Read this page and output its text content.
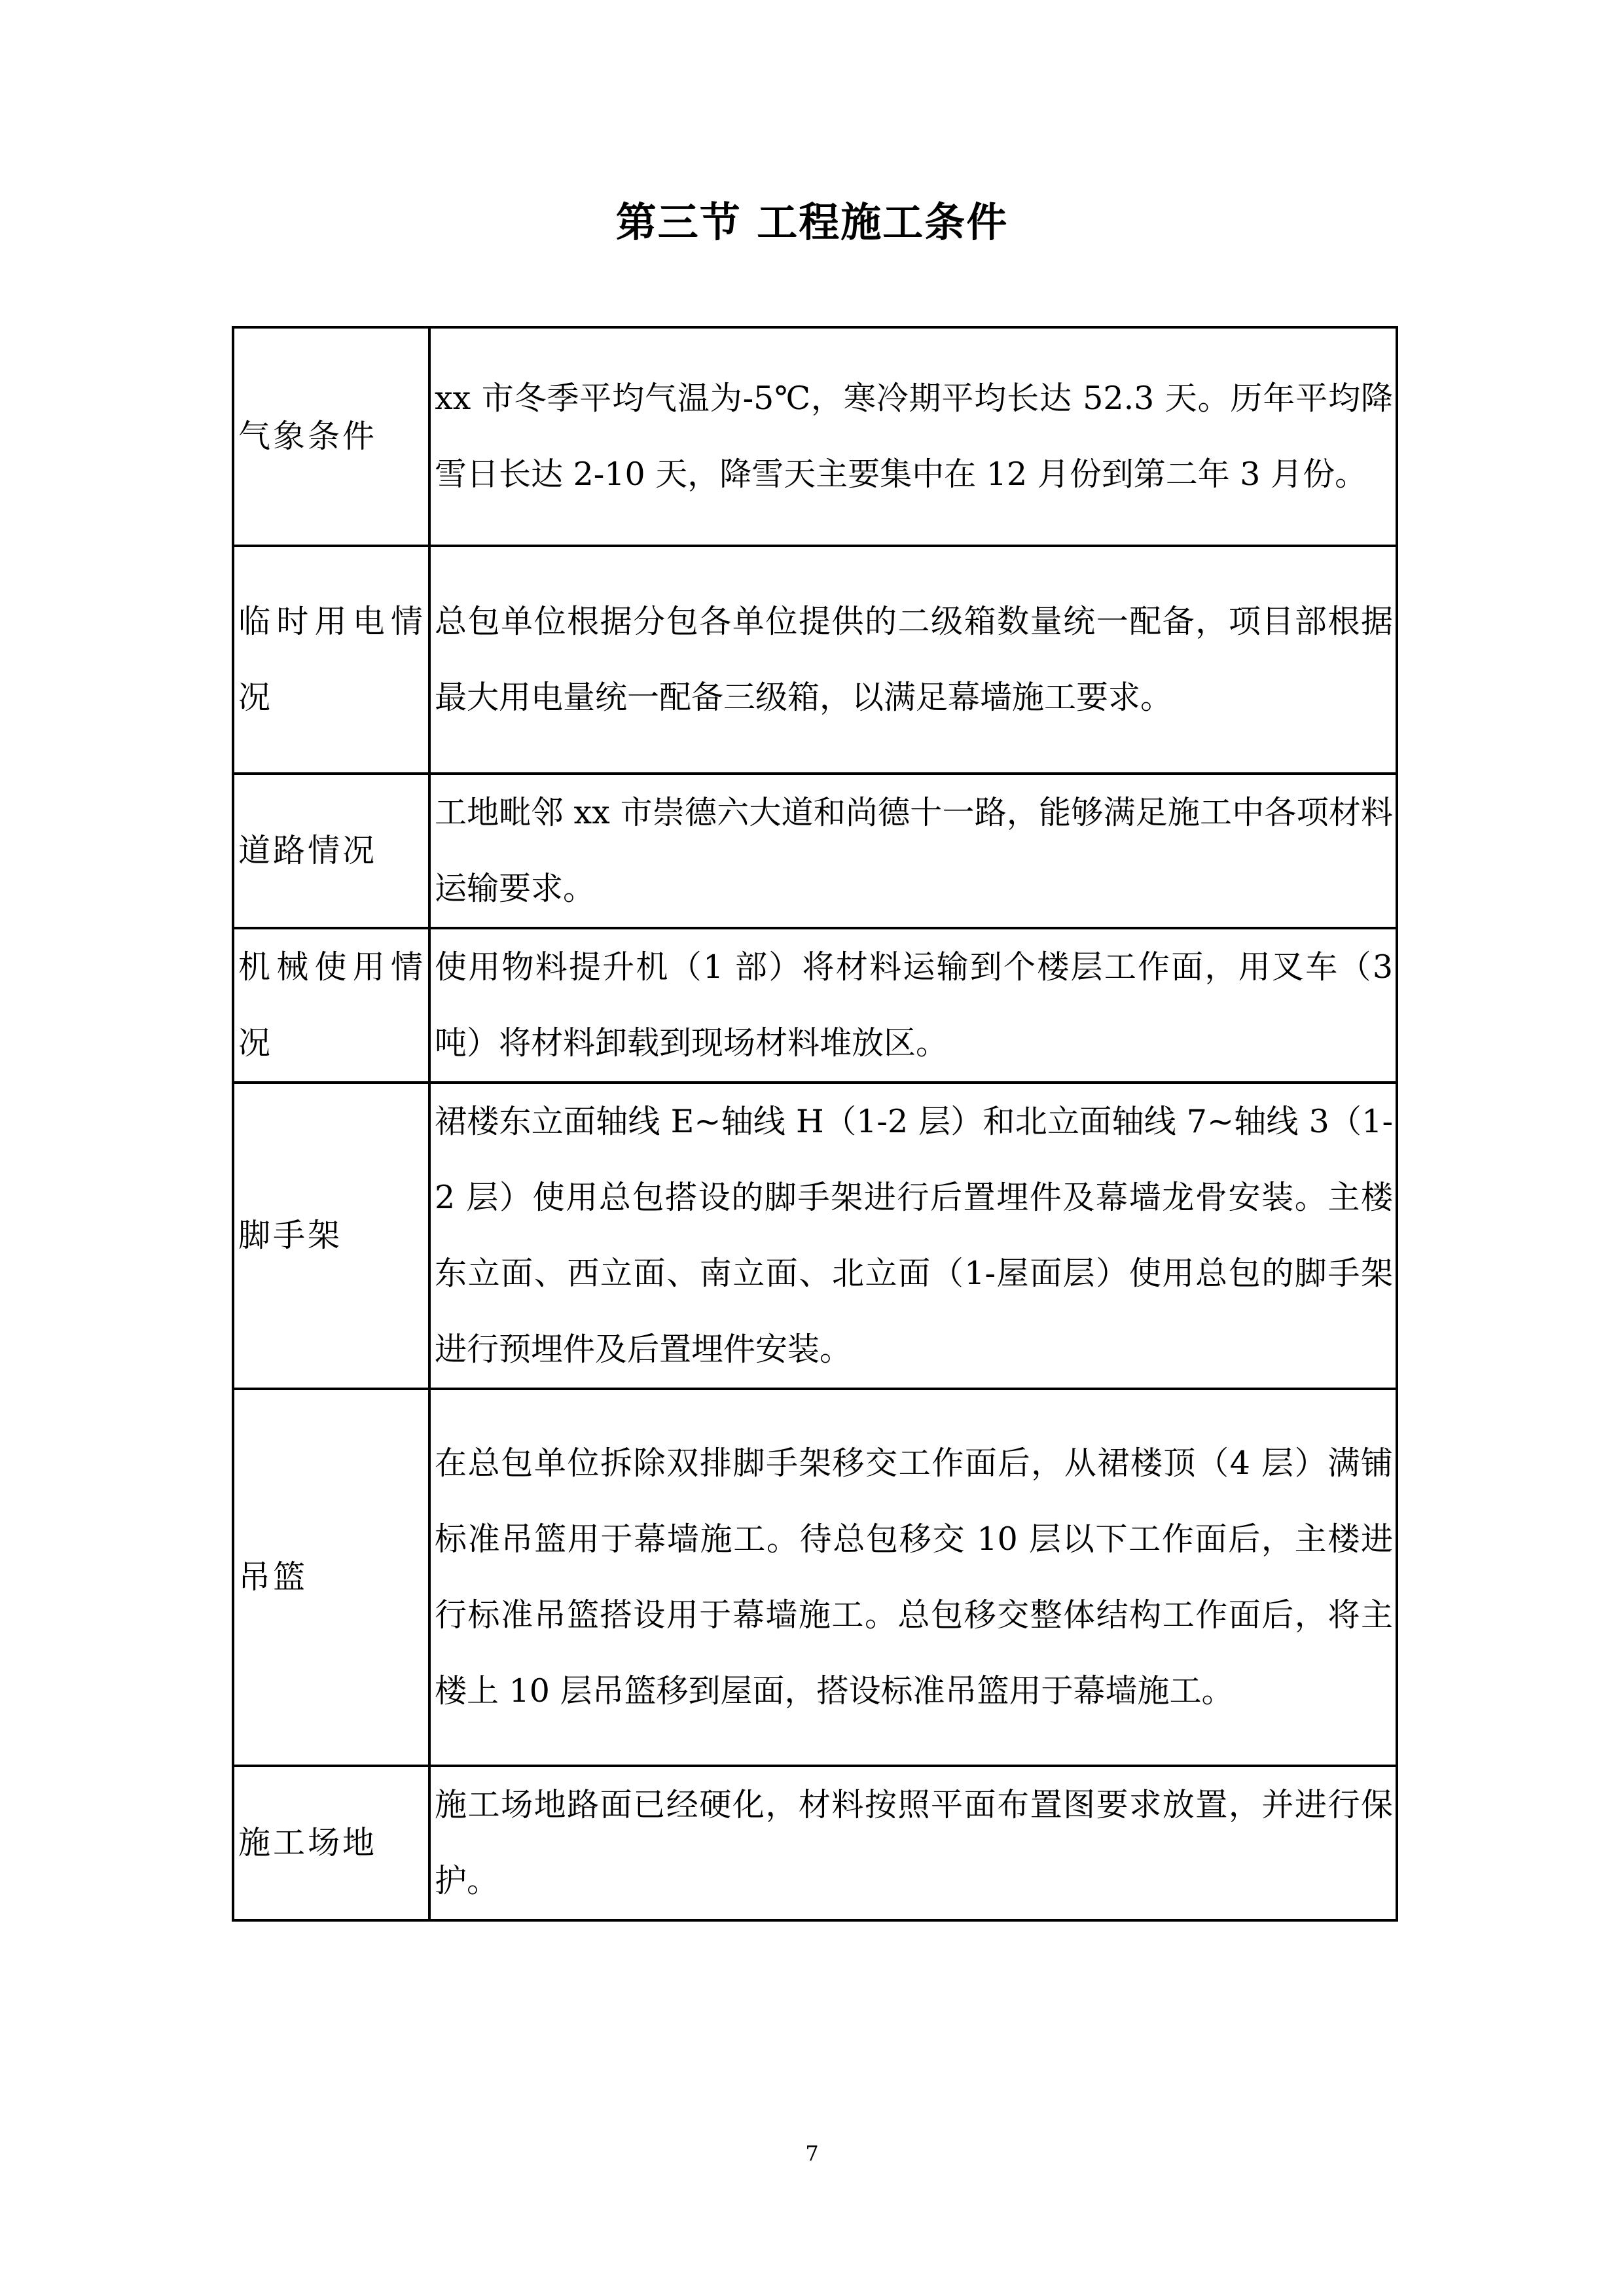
第三节 工程施工条件
气象条件	xx 市冬季平均气温为-5℃，寒冷期平均长达 52.3 天。历年平均降雪日长达 2-10 天，降雪天主要集中在 12 月份到第二年 3 月份。
临时用电情况	总包单位根据分包各单位提供的二级箱数量统一配备，项目部根据最大用电量统一配备三级箱，以满足幕墙施工要求。
道路情况	工地毗邻 xx 市崇德六大道和尚德十一路，能够满足施工中各项材料运输要求。
机械使用情况	使用物料提升机（1 部）将材料运输到个楼层工作面，用叉车（3 吨）将材料卸载到现场材料堆放区。
脚手架	裙楼东立面轴线 E~轴线 H（1-2 层）和北立面轴线 7~轴线 3（1-2 层）使用总包搭设的脚手架进行后置埋件及幕墙龙骨安装。主楼东立面、西立面、南立面、北立面（1-屋面层）使用总包的脚手架进行预埋件及后置埋件安装。
吊篮	在总包单位拆除双排脚手架移交工作面后，从裙楼顶（4 层）满铺标准吊篮用于幕墙施工。待总包移交 10 层以下工作面后，主楼进行标准吊篮搭设用于幕墙施工。总包移交整体结构工作面后，将主楼上 10 层吊篮移到屋面，搭设标准吊篮用于幕墙施工。
施工场地	施工场地路面已经硬化，材料按照平面布置图要求放置，并进行保护。
7
